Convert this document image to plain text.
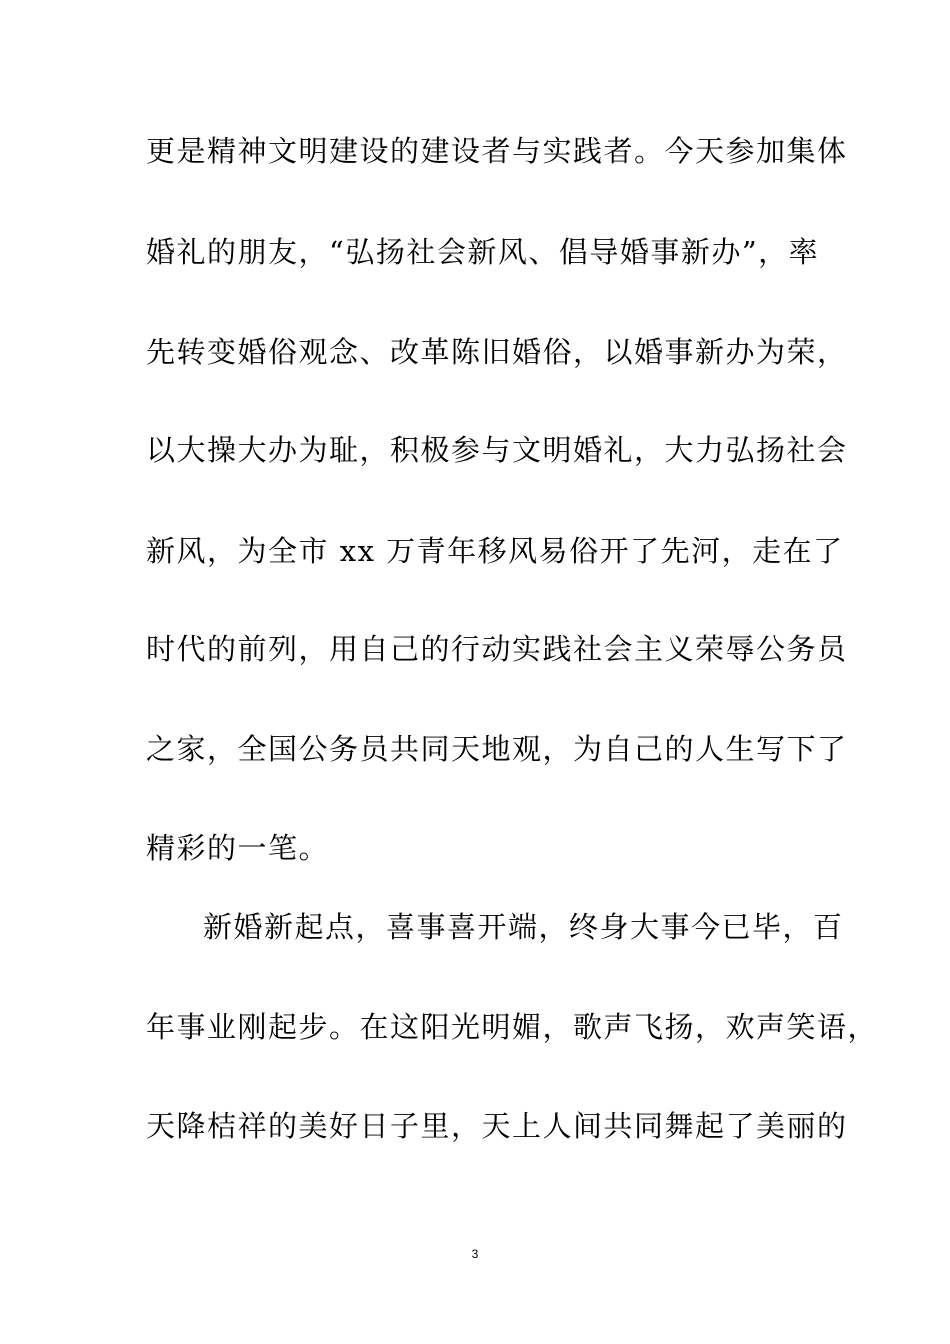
更是精神文明建设的建设者与实践者。今天参加集体
婚礼的朋友，“弘扬社会新风、倡导婚事新办”，率
先转变婚俗观念、改革陈旧婚俗，以婚事新办为荣，
以大操大办为耻，积极参与文明婚礼，大力弘扬社会
新风，为全市 xx 万青年移风易俗开了先河，走在了
时代的前列，用自己的行动实践社会主义荣辱公务员
之家，全国公务员共同天地观，为自己的人生写下了
精彩的一笔。
新婚新起点，喜事喜开端，终身大事今已毕，百
年事业刚起步。在这阳光明媚，歌声飞扬，欢声笑语，
天降桔祥的美好日子里，天上人间共同舞起了美丽的
3
